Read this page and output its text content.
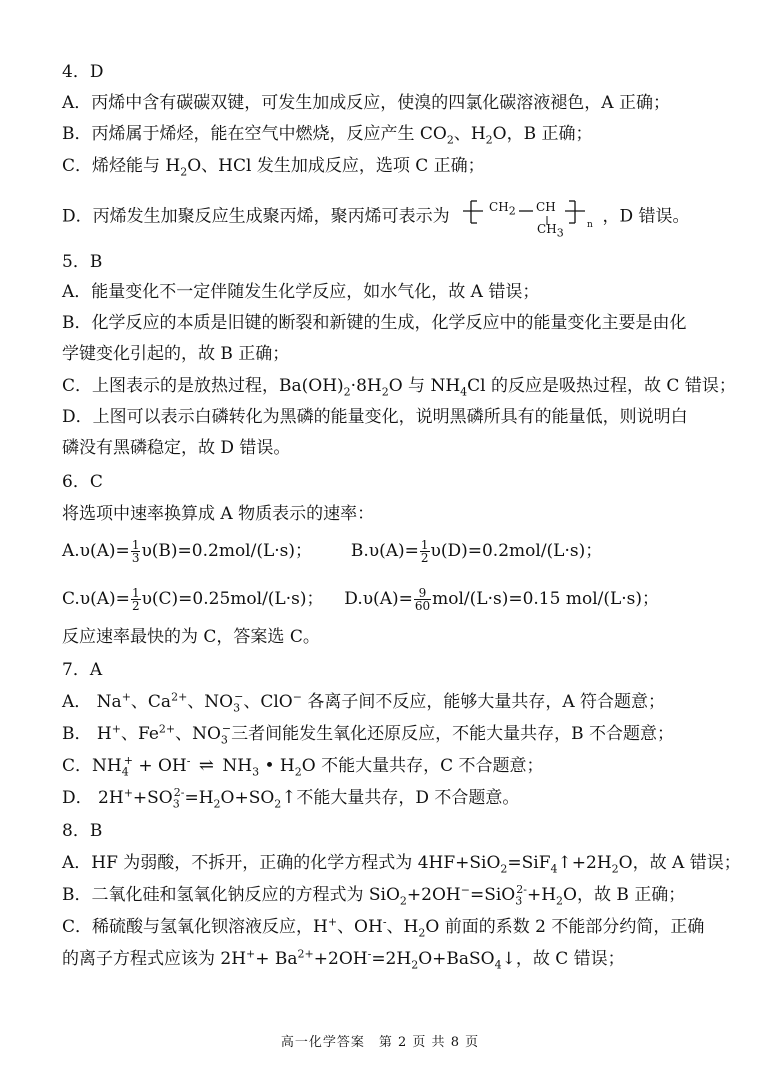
4．D
A．丙烯中含有碳碳双键，可发生加成反应，使溴的四氯化碳溶液褪色，A 正确；
B．丙烯属于烯烃，能在空气中燃烧，反应产生 $CO_2$、$H_2O$，B 正确；
C．烯烃能与 $H_2O$、HCl 发生加成反应，选项 C 正确；
D．丙烯发生加聚反应生成聚丙烯，聚丙烯可表示为	$CH_2$ CH
$CH_3$
n ，D 错误。
5．B
A．能量变化不一定伴随发生化学反应，如水气化，故 A 错误；
B．化学反应的本质是旧键的断裂和新键的生成，化学反应中的能量变化主要是由化
学键变化引起的，故 B 正确；
C．上图表示的是放热过程，$Ba(OH)_2\cdot 8H_2O$ 与 $NH_4Cl$ 的反应是吸热过程，故 C 错误；
D．上图可以表示白磷转化为黑磷的能量变化，说明黑磷所具有的能量低，则说明白
磷没有黑磷稳定，故 D 错误。
6．C
将选项中速率换算成 A 物质表示的速率：
$A.\upsilon(A)= \frac{1}{3} \upsilon(B)=0.2mol/(L\cdot s)$； $B.\upsilon(A)= \frac{1}{2} \upsilon(D)=0.2mol/(L\cdot s)$；
$C.\upsilon(A)= \frac{1}{2} \upsilon(C)=0.25mol/(L\cdot s)$； $D.\upsilon(A)= \frac{9}{60} mol/(L\cdot s)=0.15$ mol/(L·s)；
反应速率最快的为 C，答案选 C。
7．A
A． Na+、$Ca^{2+}$、$NO_3^-$、ClO− 各离子间不反应，能够大量共存，A 符合题意；
B． H+、$Fe^{2+}$、$NO_3^-$三者间能发生氧化还原反应，不能大量共存，B 不合题意；
C．$NH_4^+ + OH^-$ ⇌ $NH_3$ • $H_2O$ 不能大量共存，C 不合题意；
D． $2H^++SO_3^{2-}=H_2O+SO_2↑$不能大量共存，D 不合题意。
8．B
A．HF 为弱酸，不拆开，正确的化学方程式为 $4HF+SiO_2=SiF_4↑+2H_2O$，故 A 错误；
B．二氧化硅和氢氧化钠反应的方程式为 $SiO_2+2OH^-=SiO_3^{2-}+H_2O$，故 B 正确；
C．稀硫酸与氢氧化钡溶液反应，H+、OH-、$H_2O$ 前面的系数 2 不能部分约简，正确
的离子方程式应该为 $2H^++ Ba^{2+}+2OH^-=2H_2O+BaSO_4↓$，故 C 错误；
高一化学答案　第 2 页 共 8 页
